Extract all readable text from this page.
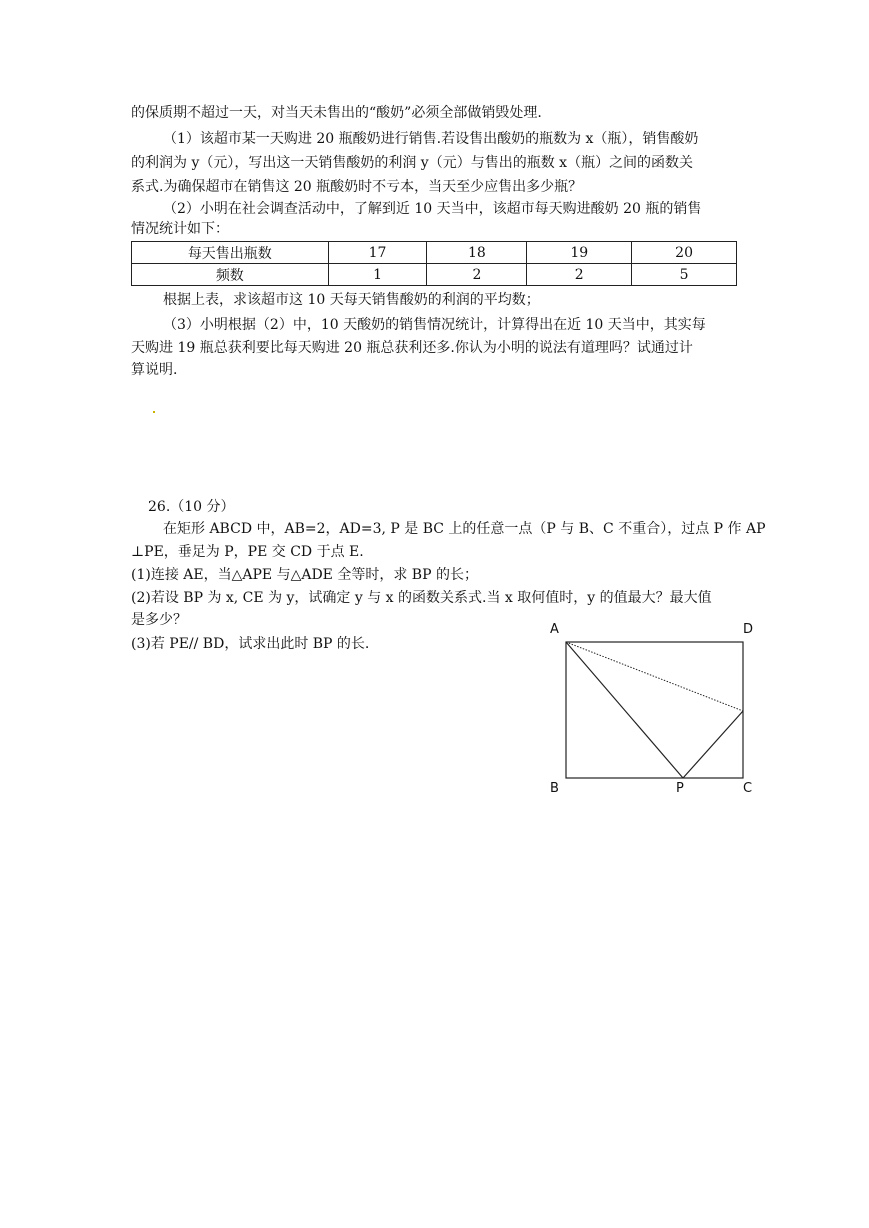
的保质期不超过一天，对当天未售出的“酸奶”必须全部做销毁处理.
（1）该超市某一天购进 20 瓶酸奶进行销售.若设售出酸奶的瓶数为 x（瓶），销售酸奶
的利润为 y（元），写出这一天销售酸奶的利润 y（元）与售出的瓶数 x（瓶）之间的函数关
系式.为确保超市在销售这 20 瓶酸奶时不亏本，当天至少应售出多少瓶？
（2）小明在社会调查活动中，了解到近 10 天当中，该超市每天购进酸奶 20 瓶的销售
情况统计如下：
每天售出瓶数	17	18	19	20
频数	1	2	2	5
根据上表，求该超市这 10 天每天销售酸奶的利润的平均数；
（3）小明根据（2）中，10 天酸奶的销售情况统计，计算得出在近 10 天当中，其实每
天购进 19 瓶总获利要比每天购进 20 瓶总获利还多.你认为小明的说法有道理吗？试通过计
算说明.
26.（10 分）
在矩形 ABCD 中，AB=2，AD=3, P 是 BC 上的任意一点（P 与 B、C 不重合），过点 P 作 AP
⊥PE，垂足为 P，PE 交 CD 于点 E.
(1)连接 AE，当△APE 与△ADE 全等时，求 BP 的长；
(2)若设 BP 为 x, CE 为 y，试确定 y 与 x 的函数关系式.当 x 取何值时，y 的值最大？最大值
是多少？
(3)若 PE// BD，试求出此时 BP 的长.
A	D
B	P	C
